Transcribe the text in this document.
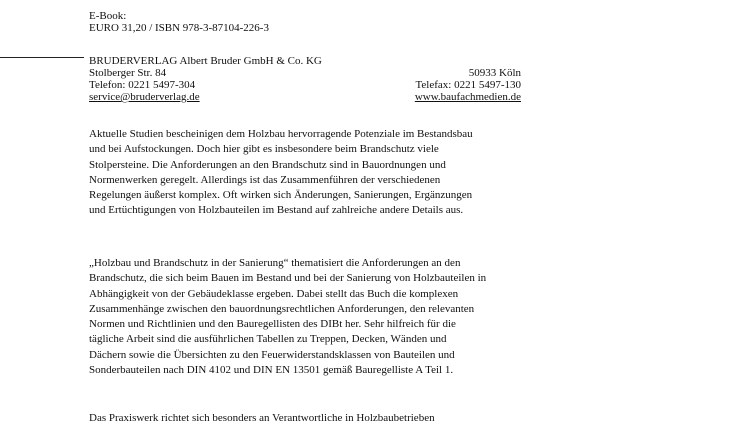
E-Book:
EURO 31,20 / ISBN 978-3-87104-226-3
BRUDERVERLAG Albert Bruder GmbH & Co. KG
Stolberger Str. 84	50933 Köln
Telefon: 0221 5497-304	Telefax: 0221 5497-130
service@bruderverlag.de	www.baufachmedien.de
Aktuelle Studien bescheinigen dem Holzbau hervorragende Potenziale im Bestandsbau
und bei Aufstockungen. Doch hier gibt es insbesondere beim Brandschutz viele
Stolpersteine. Die Anforderungen an den Brandschutz sind in Bauordnungen und
Normenwerken geregelt. Allerdings ist das Zusammenführen der verschiedenen
Regelungen äußerst komplex. Oft wirken sich Änderungen, Sanierungen, Ergänzungen
und Ertüchtigungen von Holzbauteilen im Bestand auf zahlreiche andere Details aus.
„Holzbau und Brandschutz in der Sanierung“ thematisiert die Anforderungen an den
Brandschutz, die sich beim Bauen im Bestand und bei der Sanierung von Holzbauteilen in
Abhängigkeit von der Gebäudeklasse ergeben. Dabei stellt das Buch die komplexen
Zusammenhänge zwischen den bauordnungsrechtlichen Anforderungen, den relevanten
Normen und Richtlinien und den Bauregellisten des DIBt her. Sehr hilfreich für die
tägliche Arbeit sind die ausführlichen Tabellen zu Treppen, Decken, Wänden und
Dächern sowie die Übersichten zu den Feuerwiderstandsklassen von Bauteilen und
Sonderbauteilen nach DIN 4102 und DIN EN 13501 gemäß Bauregelliste A Teil 1.
Das Praxiswerk richtet sich besonders an Verantwortliche in Holzbaubetrieben
